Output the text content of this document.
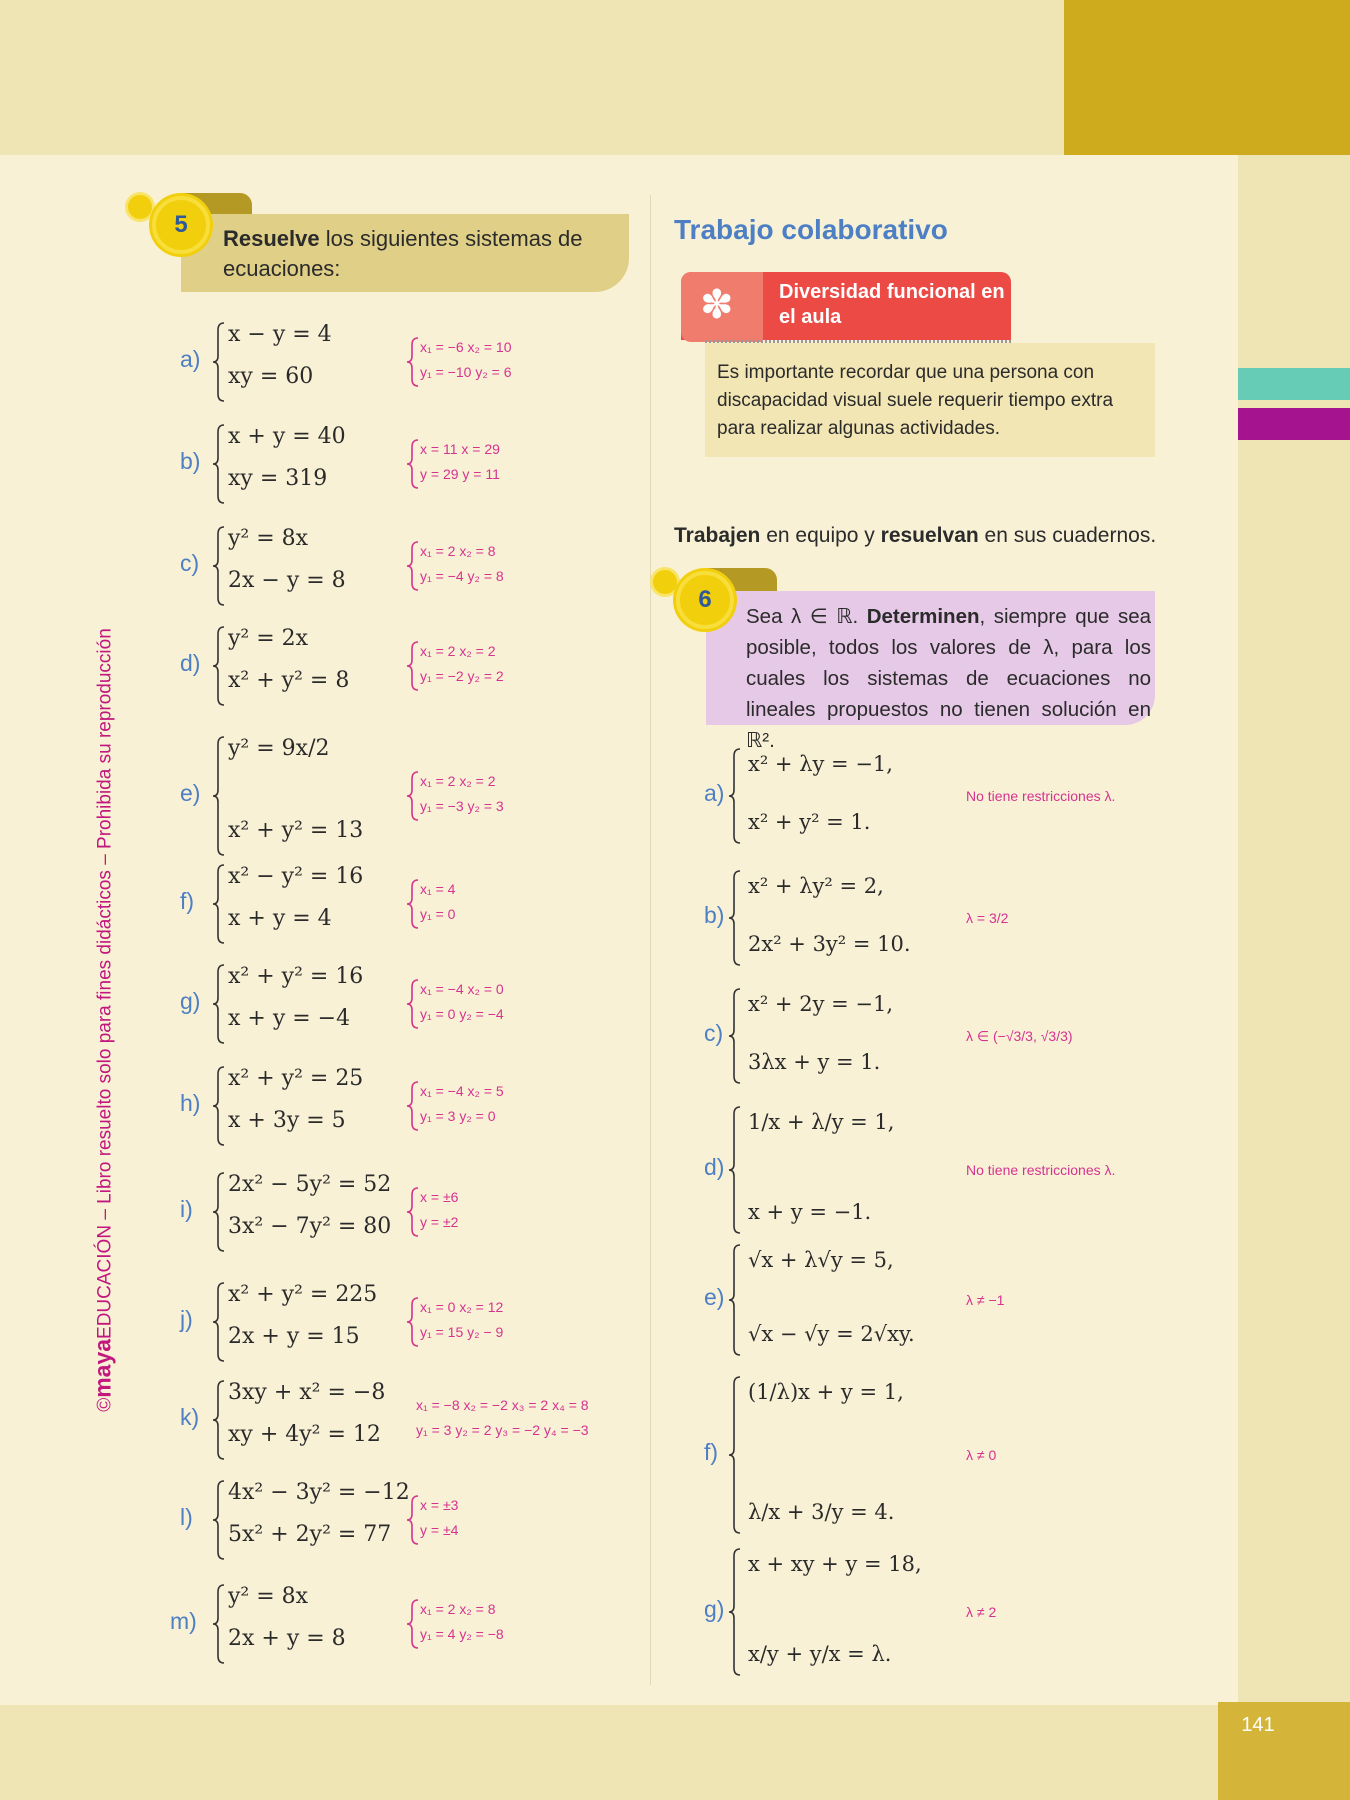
141
©mayaEDUCACIÓN – Libro resuelto solo para fines didácticos – Prohibida su reproducción
Resuelve los siguientes sistemas de ecuaciones:
5
a)
x − y = 4
xy = 60
x₁ = −6 x₂ = 10
y₁ = −10 y₂ = 6
b)
x + y = 40
xy = 319
x = 11 x = 29
y = 29 y = 11
c)
y² = 8x
2x − y = 8
x₁ = 2 x₂ = 8
y₁ = −4 y₂ = 8
d)
y² = 2x
x² + y² = 8
x₁ = 2 x₂ = 2
y₁ = −2 y₂ = 2
e)
y² = 9x/2
x² + y² = 13
x₁ = 2 x₂ = 2
y₁ = −3 y₂ = 3
f)
x² − y² = 16
x + y = 4
x₁ = 4
y₁ = 0
g)
x² + y² = 16
x + y = −4
x₁ = −4 x₂ = 0
y₁ = 0 y₂ = −4
h)
x² + y² = 25
x + 3y = 5
x₁ = −4 x₂ = 5
y₁ = 3 y₂ = 0
i)
2x² − 5y² = 52
3x² − 7y² = 80
x = ±6
y = ±2
j)
x² + y² = 225
2x + y = 15
x₁ = 0 x₂ = 12
y₁ = 15 y₂ − 9
k)
3xy + x² = −8
xy + 4y² = 12
x₁ = −8 x₂ = −2 x₃ = 2 x₄ = 8
y₁ = 3 y₂ = 2 y₃ = −2 y₄ = −3
l)
4x² − 3y² = −12
5x² + 2y² = 77
x = ±3
y = ±4
m)
y² = 8x
2x + y = 8
x₁ = 2 x₂ = 8
y₁ = 4 y₂ = −8
Trabajo colaborativo
✽ Diversidad funcional en el aula
Es importante recordar que una persona con discapacidad visual suele requerir tiempo extra para realizar algunas actividades.
Trabajen en equipo y resuelvan en sus cuadernos.
Sea λ ∈ ℝ. Determinen, siempre que sea posible, todos los valores de λ, para los cuales los sistemas de ecuaciones no lineales propuestos no tienen solución en ℝ².
6
a)
x² + λy = −1,
x² + y² = 1.
No tiene restricciones λ.
b)
x² + λy² = 2,
2x² + 3y² = 10.
λ = 3/2
c)
x² + 2y = −1,
3λx + y = 1.
λ ∈ (−√3/3, √3/3)
d)
1/x + λ/y = 1,
x + y = −1.
No tiene restricciones λ.
e)
√x + λ√y = 5,
√x − √y = 2√xy.
λ ≠ −1
f)
(1/λ)x + y = 1,
λ/x + 3/y = 4.
λ ≠ 0
g)
x + xy + y = 18,
x/y + y/x = λ.
λ ≠ 2
